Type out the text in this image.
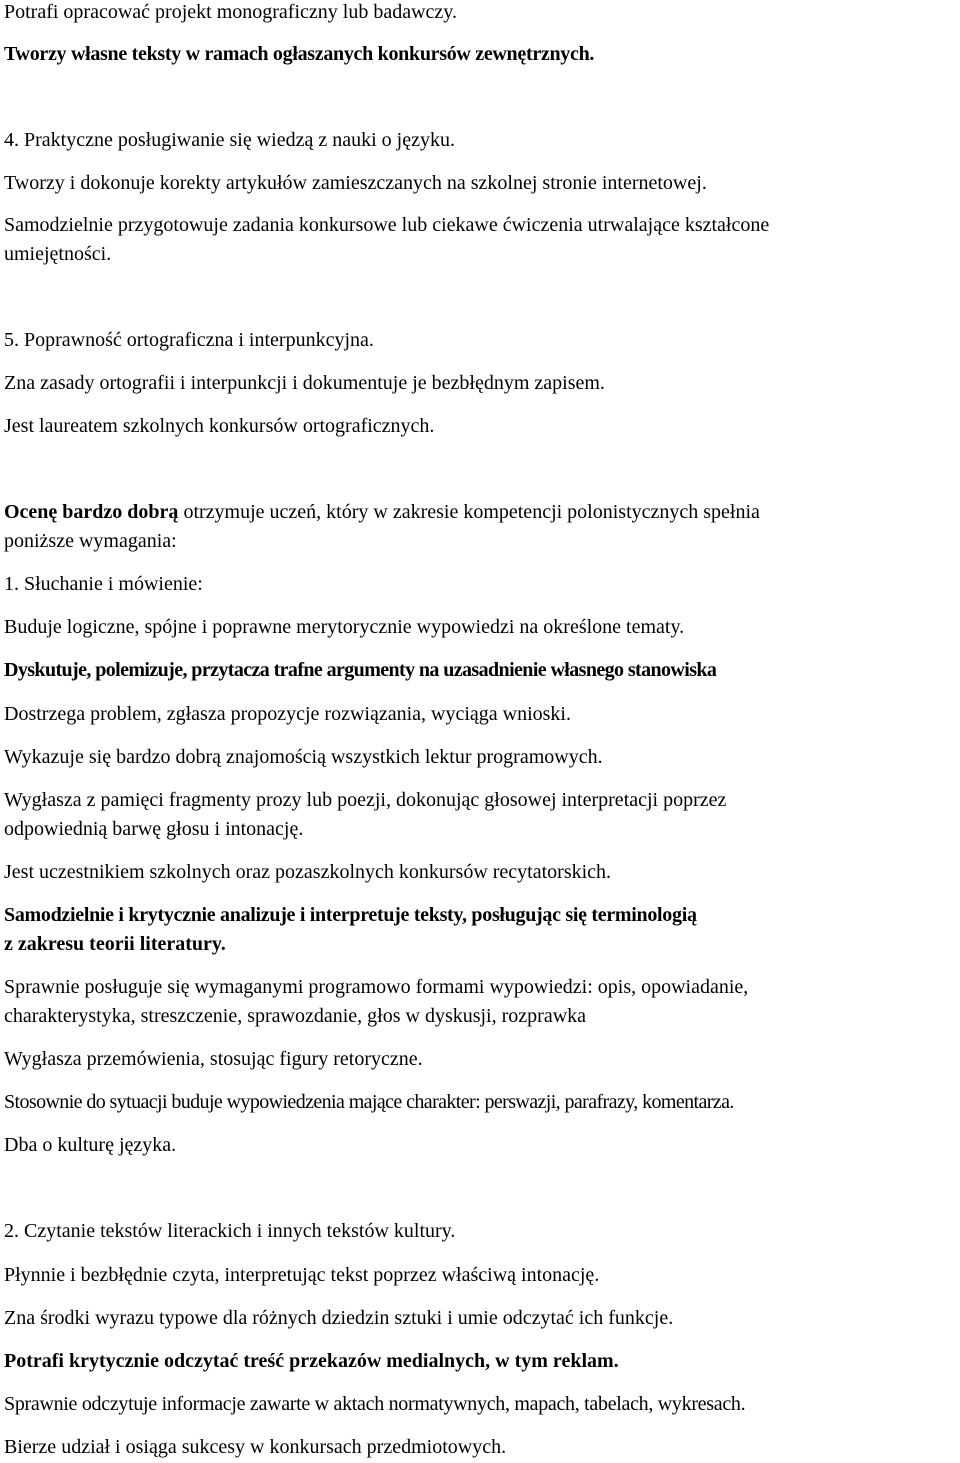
Potrafi opracować projekt monograficzny lub badawczy.
Tworzy własne teksty w ramach ogłaszanych konkursów zewnętrznych.
4. Praktyczne posługiwanie się wiedzą z nauki o języku.
Tworzy i dokonuje korekty artykułów zamieszczanych na szkolnej stronie internetowej.
Samodzielnie przygotowuje zadania konkursowe lub ciekawe ćwiczenia utrwalające kształcone
umiejętności.
5. Poprawność ortograficzna i interpunkcyjna.
Zna zasady ortografii i interpunkcji i dokumentuje je bezbłędnym zapisem.
Jest laureatem szkolnych konkursów ortograficznych.
Ocenę bardzo dobrą otrzymuje uczeń, który w zakresie kompetencji polonistycznych spełnia
poniższe wymagania:
1. Słuchanie i mówienie:
Buduje logiczne, spójne i poprawne merytorycznie wypowiedzi na określone tematy.
Dyskutuje, polemizuje, przytacza trafne argumenty na uzasadnienie własnego stanowiska
Dostrzega problem, zgłasza propozycje rozwiązania, wyciąga wnioski.
Wykazuje się bardzo dobrą znajomością wszystkich lektur programowych.
Wygłasza z pamięci fragmenty prozy lub poezji, dokonując głosowej interpretacji poprzez
odpowiednią barwę głosu i intonację.
Jest uczestnikiem szkolnych oraz pozaszkolnych konkursów recytatorskich.
Samodzielnie i krytycznie analizuje i interpretuje teksty, posługując się terminologią
z zakresu teorii literatury.
Sprawnie posługuje się wymaganymi programowo formami wypowiedzi: opis, opowiadanie,
charakterystyka, streszczenie, sprawozdanie, głos w dyskusji, rozprawka
Wygłasza przemówienia, stosując figury retoryczne.
Stosownie do sytuacji buduje wypowiedzenia mające charakter: perswazji, parafrazy, komentarza.
Dba o kulturę języka.
2. Czytanie tekstów literackich i innych tekstów kultury.
Płynnie i bezbłędnie czyta, interpretując tekst poprzez właściwą intonację.
Zna środki wyrazu typowe dla różnych dziedzin sztuki i umie odczytać ich funkcje.
Potrafi krytycznie odczytać treść przekazów medialnych, w tym reklam.
Sprawnie odczytuje informacje zawarte w aktach normatywnych, mapach, tabelach, wykresach.
Bierze udział i osiąga sukcesy w konkursach przedmiotowych.
